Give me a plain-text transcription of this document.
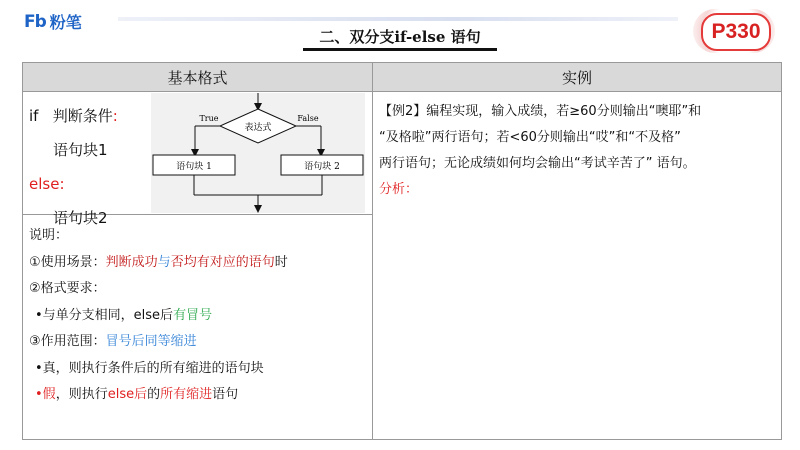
Fb 粉笔	P330
二、双分支if-else 语句
基本格式	实例
if 判断条件:
语句块1
else:
语句块2
表达式
True	False
语句块 1	语句块 2
说明：
①使用场景：判断成功与否均有对应的语句时
②格式要求：
•与单分支相同，else后有冒号
③作用范围：冒号后同等缩进
•真，则执行条件后的所有缩进的语句块
•假，则执行else后的所有缩进语句

【例2】编程实现，输入成绩，若≥60分则输出“噢耶”和

“及格啦”两行语句；若<60分则输出“哎”和“不及格”

两行语句；无论成绩如何均会输出“考试辛苦了” 语句。

分析：
